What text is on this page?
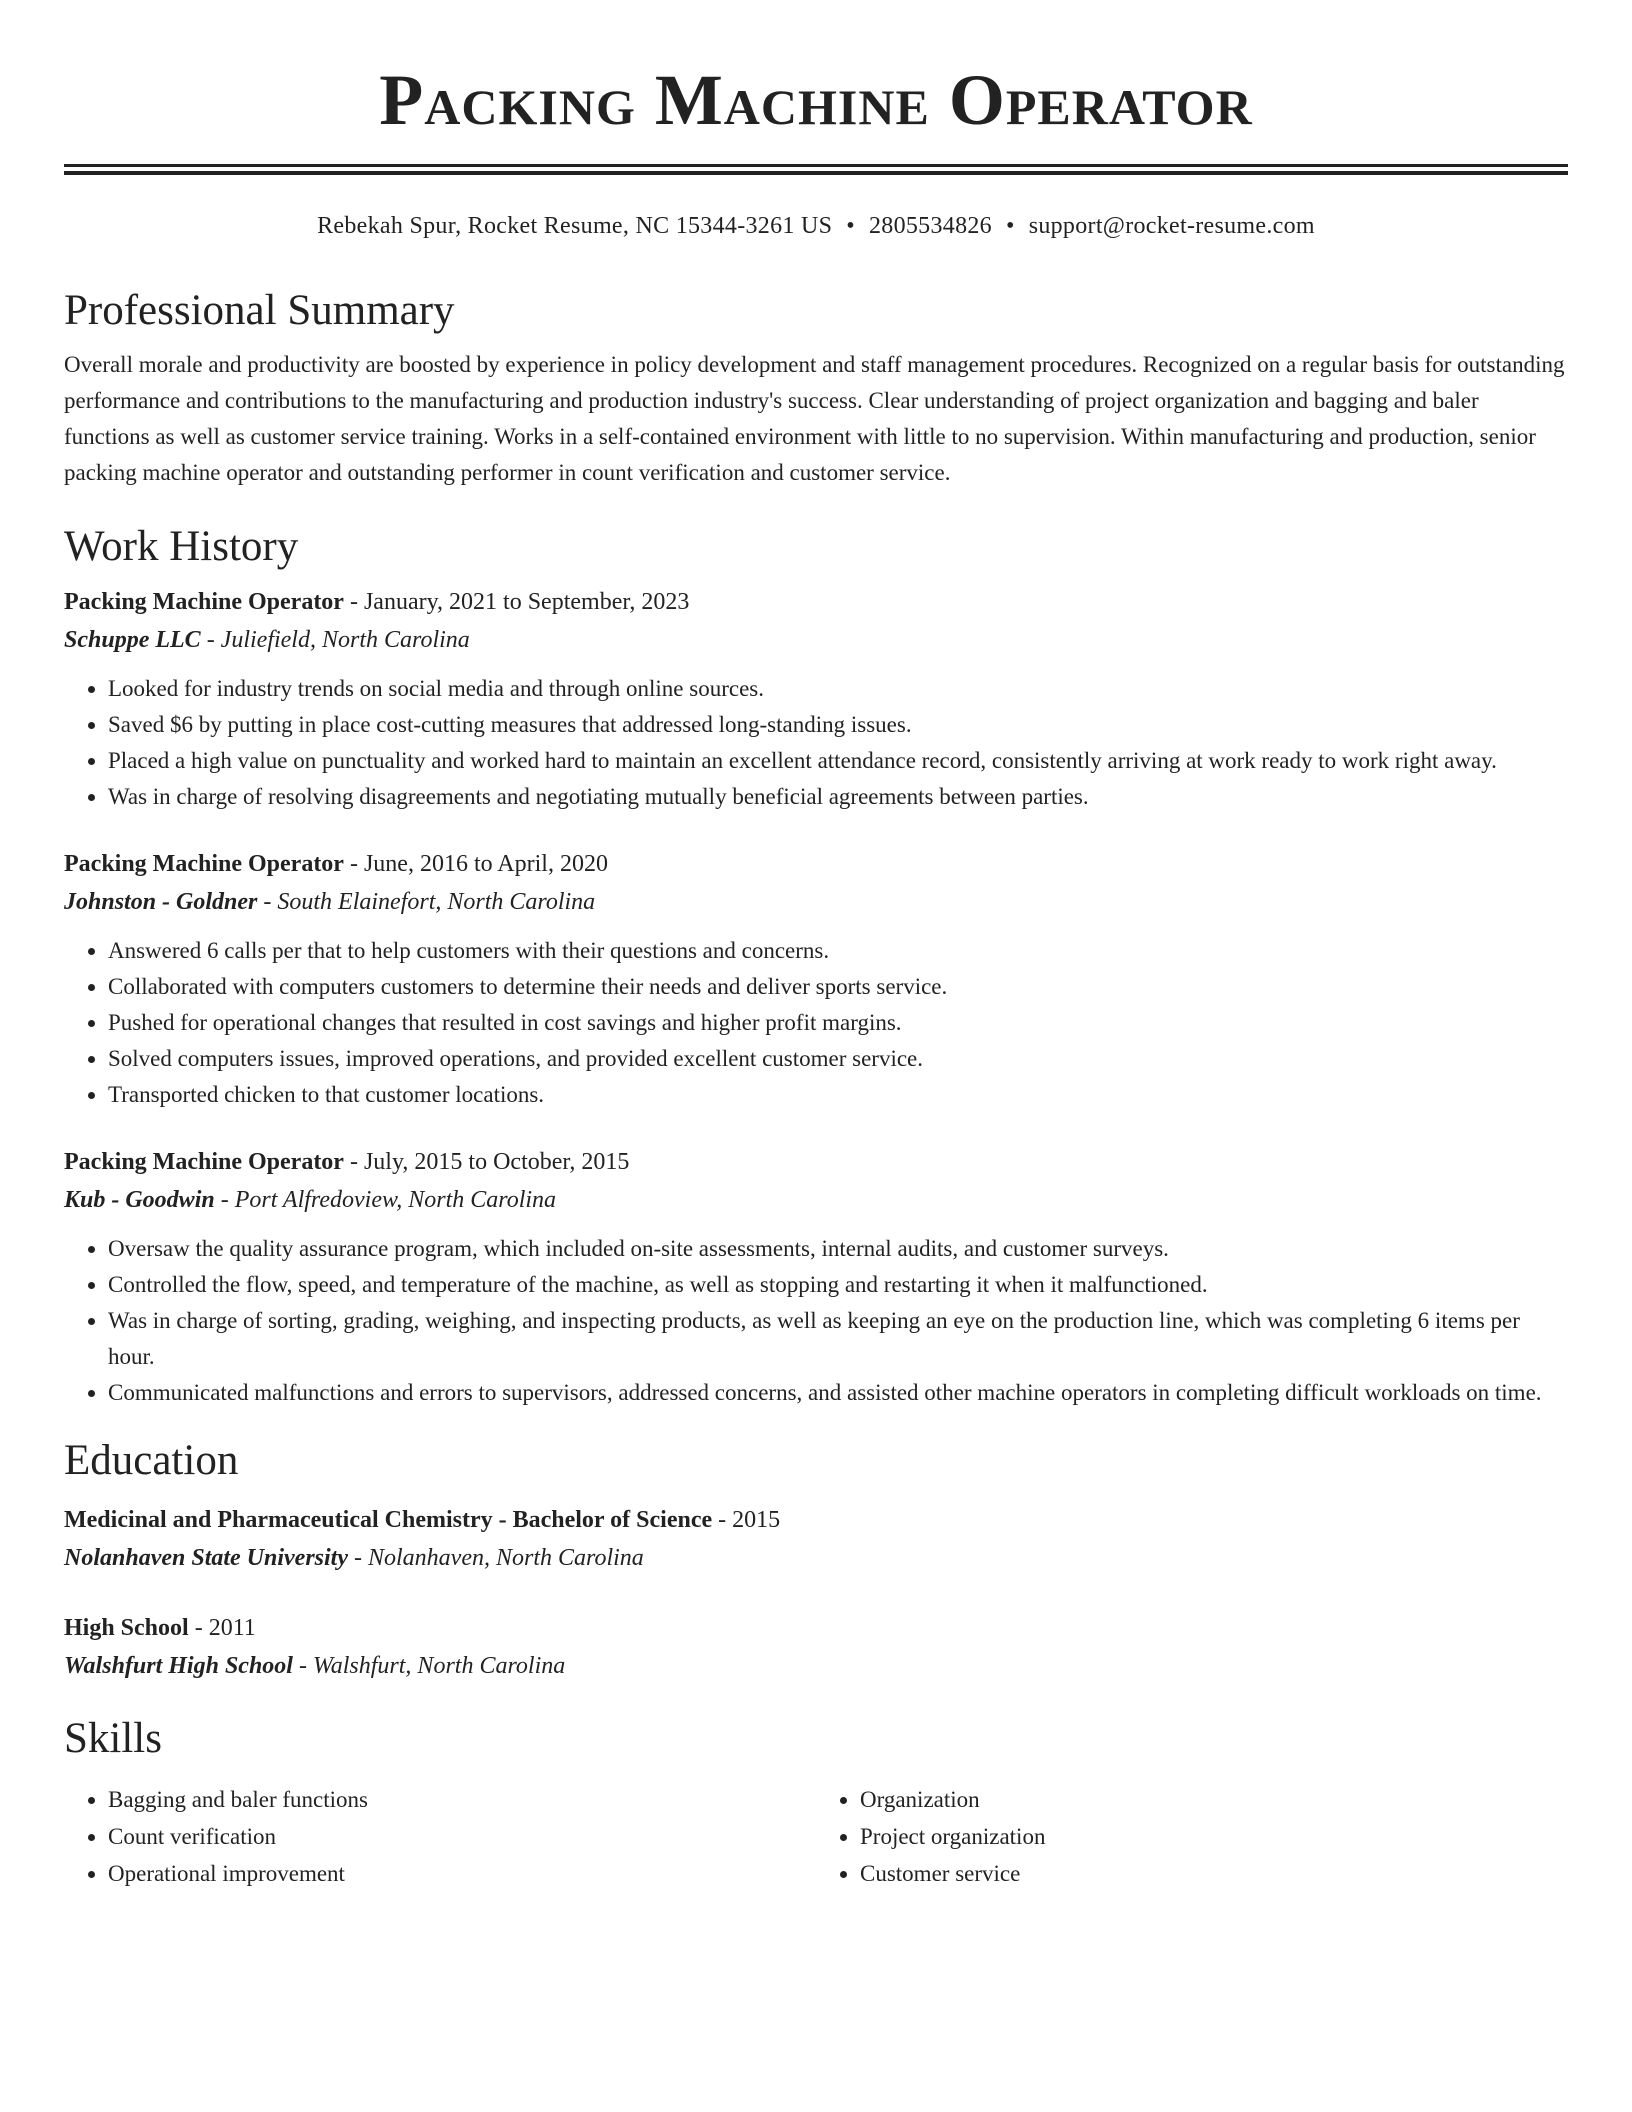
Packing Machine Operator
Rebekah Spur, Rocket Resume, NC 15344-3261 US • 2805534826 • support@rocket-resume.com
Professional Summary

Overall morale and productivity are boosted by experience in policy development and staff management procedures. Recognized on a regular basis for outstanding performance and contributions to the manufacturing and production industry's success. Clear understanding of project organization and bagging and baler functions as well as customer service training. Works in a self-contained environment with little to no supervision. Within manufacturing and production, senior packing machine operator and outstanding performer in count verification and customer service.

Work History

Packing Machine Operator - January, 2021 to September, 2023

Schuppe LLC - Juliefield, North Carolina

• Looked for industry trends on social media and through online sources.
• Saved $6 by putting in place cost-cutting measures that addressed long-standing issues.
• Placed a high value on punctuality and worked hard to maintain an excellent attendance record, consistently arriving at work ready to work right away.
• Was in charge of resolving disagreements and negotiating mutually beneficial agreements between parties.

Packing Machine Operator - June, 2016 to April, 2020

Johnston - Goldner - South Elainefort, North Carolina

• Answered 6 calls per that to help customers with their questions and concerns.
• Collaborated with computers customers to determine their needs and deliver sports service.
• Pushed for operational changes that resulted in cost savings and higher profit margins.
• Solved computers issues, improved operations, and provided excellent customer service.
• Transported chicken to that customer locations.

Packing Machine Operator - July, 2015 to October, 2015

Kub - Goodwin - Port Alfredoview, North Carolina

• Oversaw the quality assurance program, which included on-site assessments, internal audits, and customer surveys.
• Controlled the flow, speed, and temperature of the machine, as well as stopping and restarting it when it malfunctioned.
• Was in charge of sorting, grading, weighing, and inspecting products, as well as keeping an eye on the production line, which was completing 6 items per hour.
• Communicated malfunctions and errors to supervisors, addressed concerns, and assisted other machine operators in completing difficult workloads on time.
Education

Medicinal and Pharmaceutical Chemistry - Bachelor of Science - 2015

Nolanhaven State University - Nolanhaven, North Carolina

High School - 2011

Walshfurt High School - Walshfurt, North Carolina

Skills
• Bagging and baler functions
• Count verification
• Operational improvement
• Organization
• Project organization
• Customer service
